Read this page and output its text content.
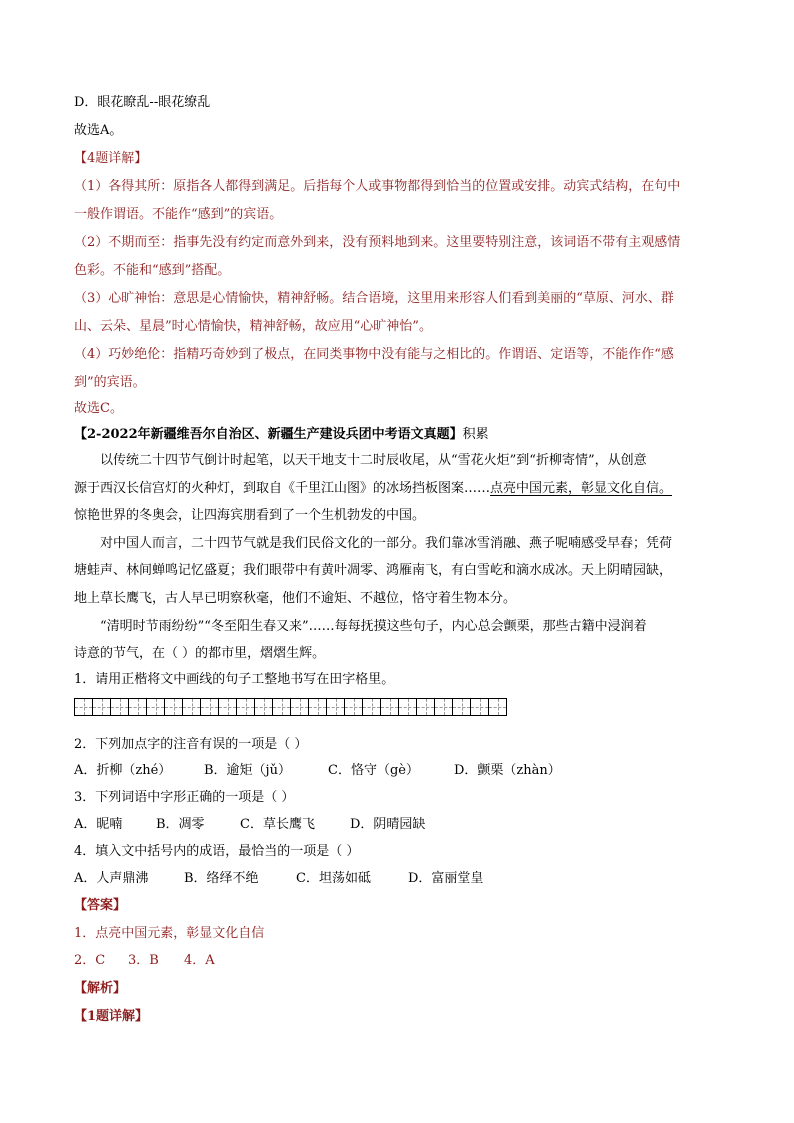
D．眼花瞭乱--眼花缭乱
故选A。
【4题详解】
（1）各得其所：原指各人都得到满足。后指每个人或事物都得到恰当的位置或安排。动宾式结构，在句中
一般作谓语。不能作“感到”的宾语。
（2）不期而至：指事先没有约定而意外到来，没有预料地到来。这里要特别注意，该词语不带有主观感情
色彩。不能和“感到”搭配。
（3）心旷神怡：意思是心情愉快，精神舒畅。结合语境，这里用来形容人们看到美丽的“草原、河水、群
山、云朵、星晨”时心情愉快，精神舒畅，故应用“心旷神怡”。
（4）巧妙绝伦：指精巧奇妙到了极点，在同类事物中没有能与之相比的。作谓语、定语等，不能作作“感
到”的宾语。
故选C。
【2-2022年新疆维吾尔自治区、新疆生产建设兵团中考语文真题】积累
以传统二十四节气倒计时起笔，以天干地支十二时辰收尾，从“雪花火炬”到“折柳寄情”，从创意
源于西汉长信宫灯的火种灯，到取自《千里江山图》的冰场挡板图案……点亮中国元素，彰显文化自信。
惊艳世界的冬奥会，让四海宾朋看到了一个生机勃发的中国。
对中国人而言，二十四节气就是我们民俗文化的一部分。我们靠冰雪消融、燕子呢喃感受早春；凭荷
塘蛙声、林间蝉鸣记忆盛夏；我们眼带中有黄叶凋零、鸿雁南飞，有白雪屹和滴水成冰。天上阴晴园缺，
地上草长鹰飞，古人早已明察秋毫，他们不逾矩、不越位，恪守着生物本分。
“清明时节雨纷纷”“冬至阳生春又来”……每每抚摸这些句子，内心总会颤栗，那些古籍中浸润着
诗意的节气，在（ ）的都市里，熠熠生辉。
1．请用正楷将文中画线的句子工整地书写在田字格里。
2．下列加点字的注音有误的一项是（ ）
A．折柳（zhé）	B．逾矩（jǔ）	C．恪守（gè）	D．颤栗（zhàn）
3．下列词语中字形正确的一项是（ ）
A．昵喃	B．凋零	C．草长鹰飞	D．阴晴园缺
4．填入文中括号内的成语，最恰当的一项是（ ）
A．人声鼎沸	B．络绎不绝	C．坦荡如砥	D．富丽堂皇
【答案】
1．点亮中国元素，彰显文化自信
2．C 3．B 4．A
【解析】
【1题详解】
